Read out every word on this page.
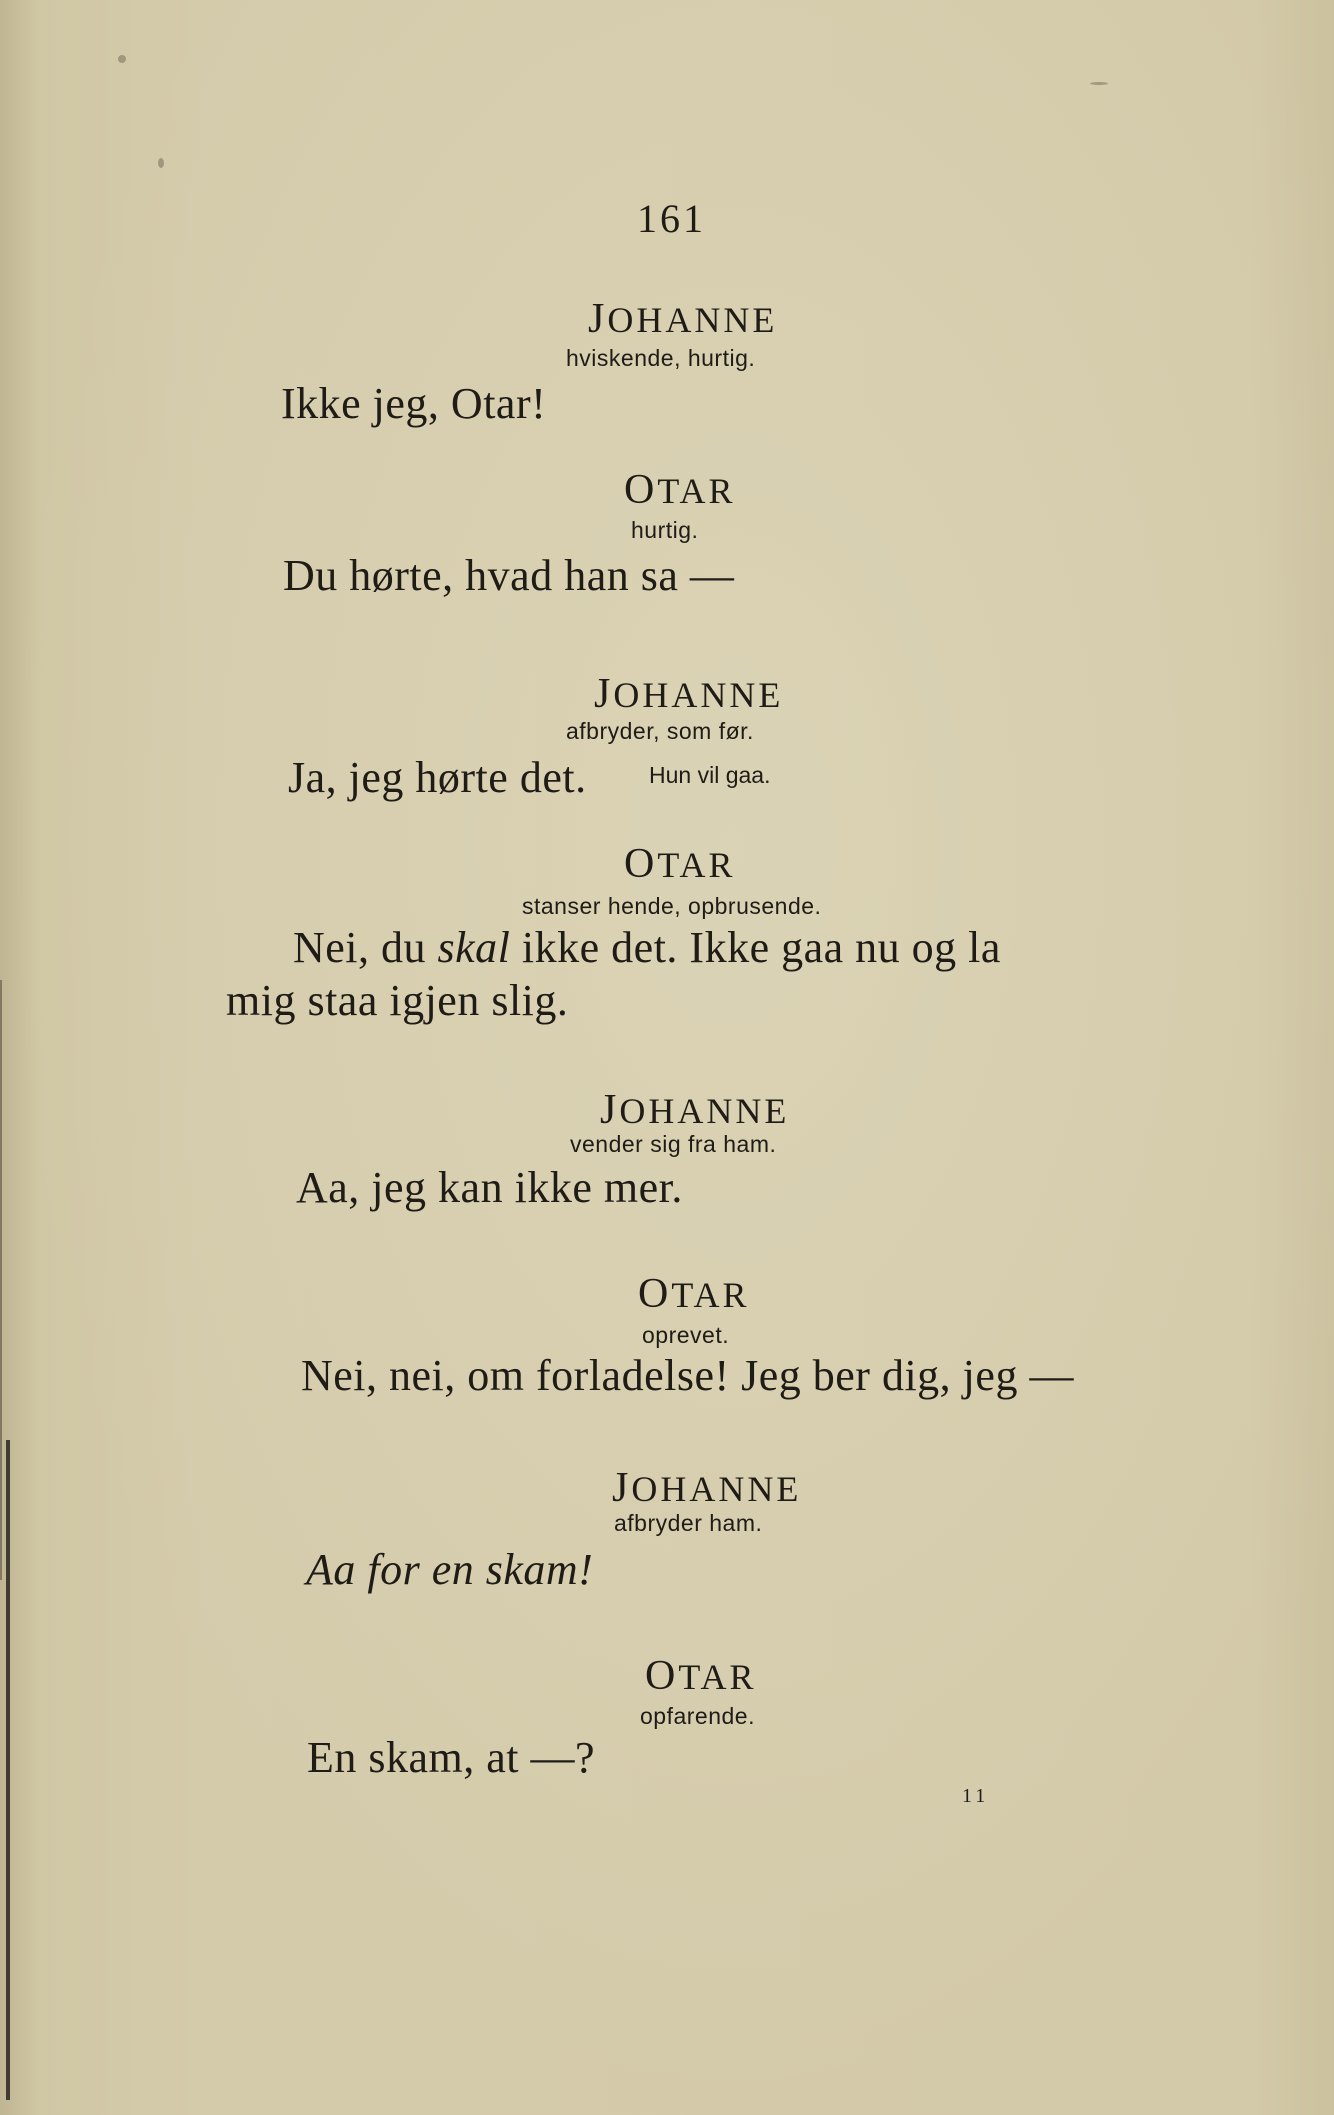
161
JOHANNE
hviskende, hurtig.
Ikke jeg, Otar!
OTAR
hurtig.
Du hørte, hvad han sa —
JOHANNE
afbryder, som før.
Ja, jeg hørte det.	Hun vil gaa.
OTAR
stanser hende, opbrusende.
Nei, du skal ikke det. Ikke gaa nu og la
mig staa igjen slig.
JOHANNE
vender sig fra ham.
Aa, jeg kan ikke mer.
OTAR
oprevet.
Nei, nei, om forladelse! Jeg ber dig, jeg —
JOHANNE
afbryder ham.
Aa for en skam!
OTAR
opfarende.
En skam, at —?
11
